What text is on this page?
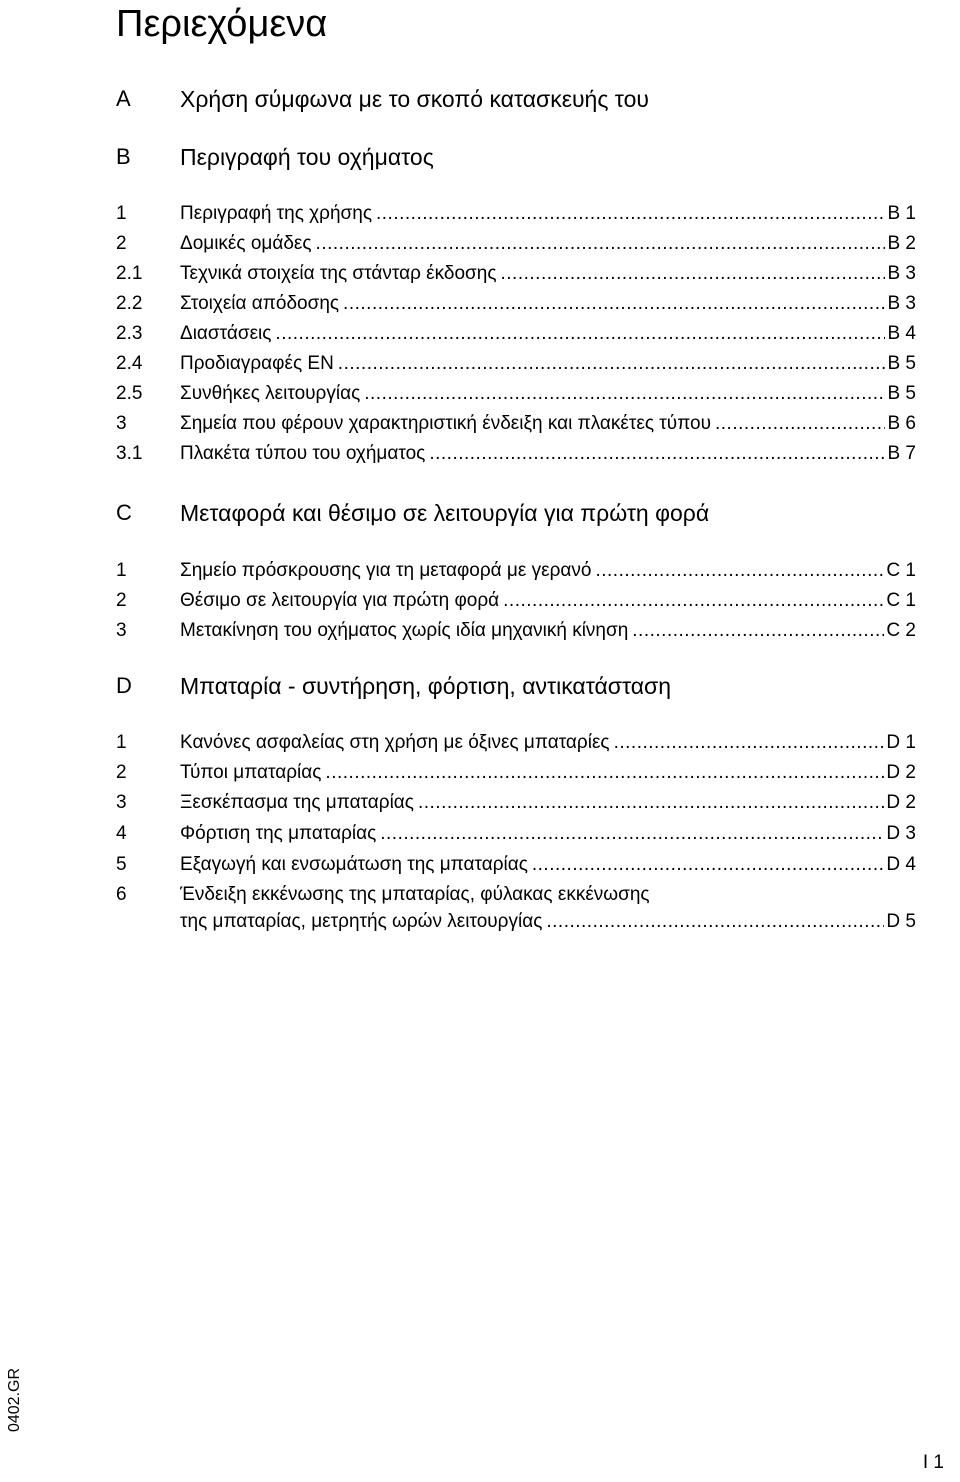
Περιεχόμενα
A Χρήση σύμφωνα με το σκοπό κατασκευής του
B Περιγραφή του οχήματος
1	Περιγραφή της χρήσης .....	B 1
2	Δομικές ομάδες .....	B 2
2.1 Τεχνικά στοιχεία της στάνταρ έκδοσης .....	B 3
2.2 Στοιχεία απόδοσης .....	B 3
2.3 Διαστάσεις .....	B 4
2.4 Προδιαγραφές EN .....	B 5
2.5 Συνθήκες λειτουργίας .....	B 5
3	Σημεία που φέρουν χαρακτηριστική ένδειξη και πλακέτες τύπου .....	B 6
3.1 Πλακέτα τύπου του οχήματος .....	B 7
C Μεταφορά και θέσιμο σε λειτουργία για πρώτη φορά
1	Σημείο πρόσκρουσης για τη μεταφορά με γερανό .....	C 1
2	Θέσιμο σε λειτουργία για πρώτη φορά .....	C 1
3	Μετακίνηση του οχήματος χωρίς ιδία μηχανική κίνηση .....	C 2
D Μπαταρία - συντήρηση, φόρτιση, αντικατάσταση
1	Κανόνες ασφαλείας στη χρήση με όξινες μπαταρίες .....	D 1
2	Τύποι μπαταρίας .....	D 2
3	Ξεσκέπασμα της μπαταρίας .....	D 2
4	Φόρτιση της μπαταρίας .....	D 3
5	Εξαγωγή και ενσωμάτωση της μπαταρίας .....	D 4
6	Ένδειξη εκκένωσης της μπαταρίας, φύλακας εκκένωσης
της μπαταρίας, μετρητής ωρών λειτουργίας .....	D 5
0402.GR
I 1
